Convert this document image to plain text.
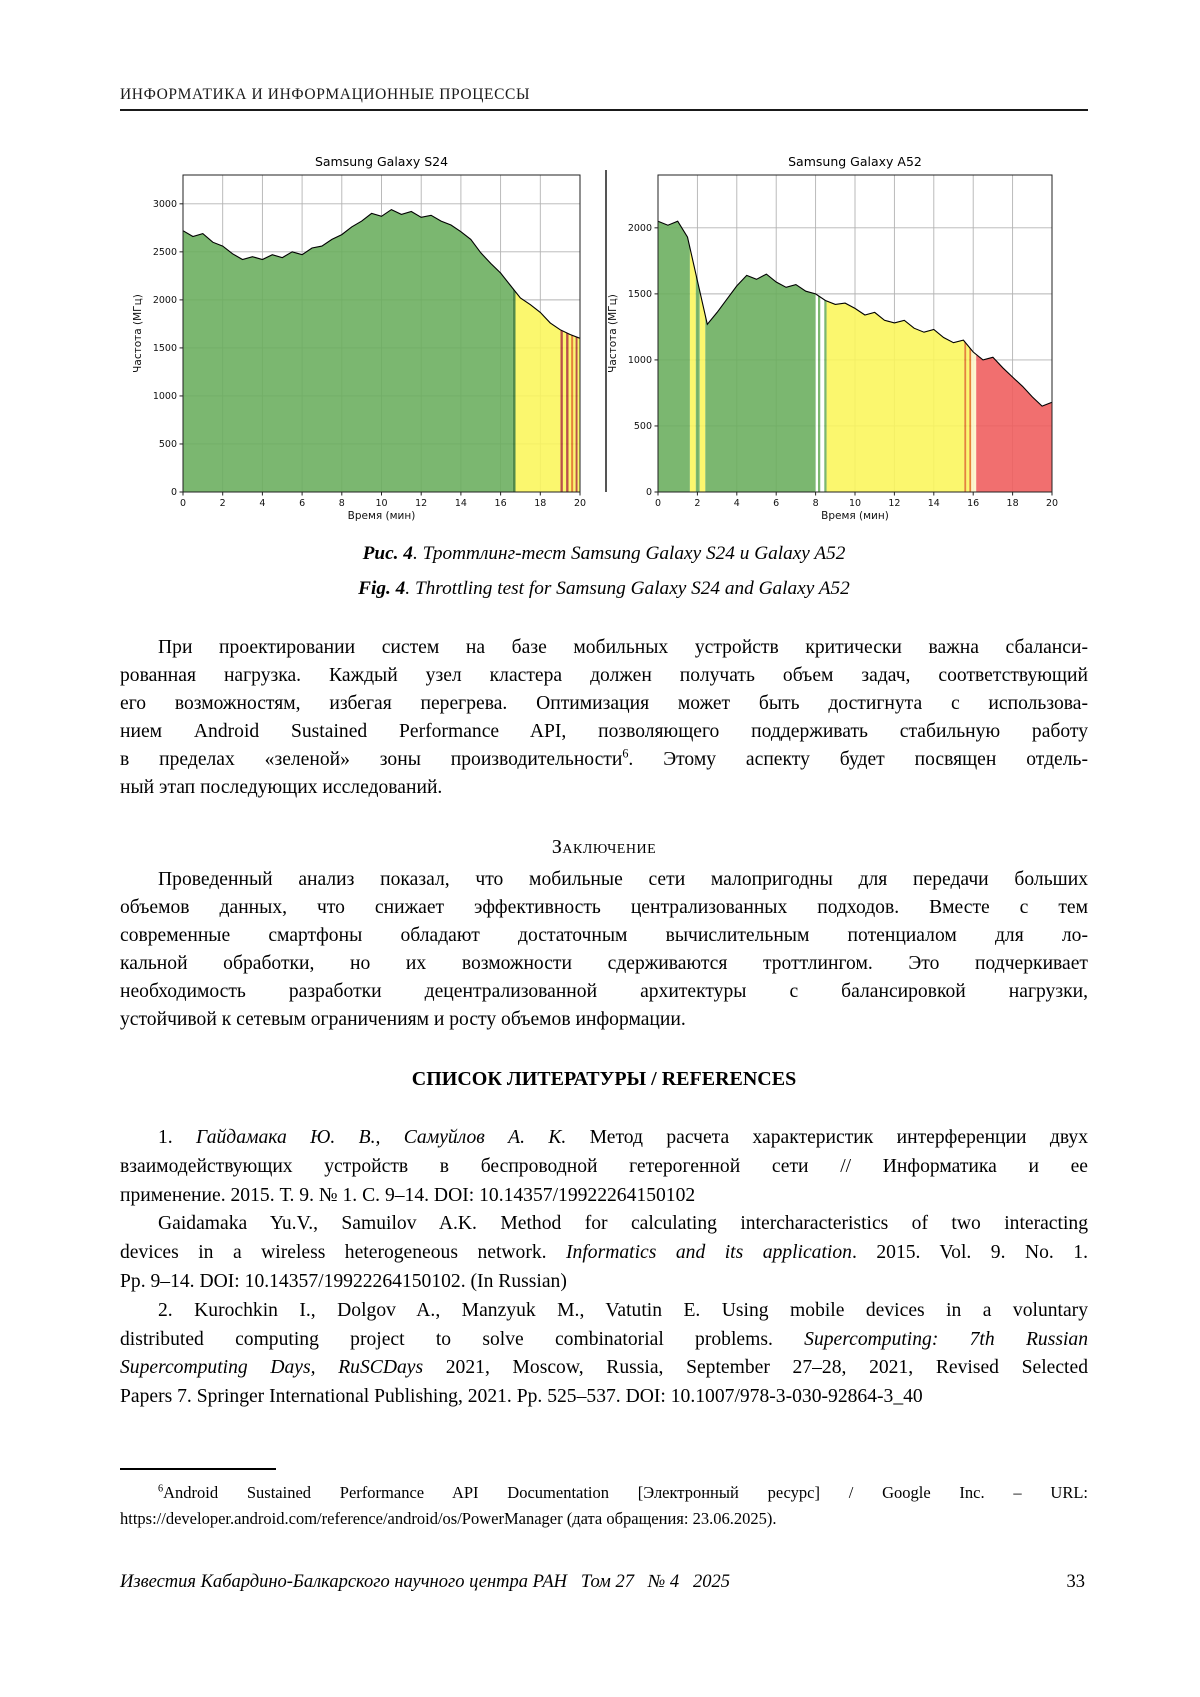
ИНФОРМАТИКА И ИНФОРМАЦИОННЫЕ ПРОЦЕССЫ
0	2	4	6	8	10	12	14	16	18	20
0
500
1000
1500
2000
2500
3000
Samsung Galaxy S24
Время (мин)
Частота (МГц)
0	2	4	6	8	10	12	14	16	18	20
0
500
1000
1500
2000
Samsung Galaxy A52
Время (мин)
Частота (МГц)
Рис. 4. Троттлинг-тест Samsung Galaxy S24 и Galaxy A52
Fig. 4. Throttling test for Samsung Galaxy S24 and Galaxy A52
При проектировании систем на базе мобильных устройств критически важна сбаланси-
рованная нагрузка. Каждый узел кластера должен получать объем задач, соответствующий
его возможностям, избегая перегрева. Оптимизация может быть достигнута с использова-
нием Android Sustained Performance API, позволяющего поддерживать стабильную работу
в пределах «зеленой» зоны производительности$^6$. Этому аспекту будет посвящен отдель-
ный этап последующих исследований.
Заключение
Проведенный анализ показал, что мобильные сети малопригодны для передачи больших
объемов данных, что снижает эффективность централизованных подходов. Вместе с тем
современные смартфоны обладают достаточным вычислительным потенциалом для ло-
кальной обработки, но их возможности сдерживаются троттлингом. Это подчеркивает
необходимость разработки децентрализованной архитектуры с балансировкой нагрузки,
устойчивой к сетевым ограничениям и росту объемов информации.
СПИСОК ЛИТЕРАТУРЫ / REFERENCES
1. Гайдамака Ю. В., Самуйлов А. К. Метод расчета характеристик интерференции двух
взаимодействующих устройств в беспроводной гетерогенной сети // Информатика и ее
применение. 2015. Т. 9. № 1. С. 9–14. DOI: 10.14357/19922264150102
Gaidamaka Yu.V., Samuilov A.K. Method for calculating intercharacteristics of two interacting
devices in a wireless heterogeneous network. Informatics and its application. 2015. Vol. 9. No. 1.
Pp. 9–14. DOI: 10.14357/19922264150102. (In Russian)
2. Kurochkin I., Dolgov A., Manzyuk M., Vatutin E. Using mobile devices in a voluntary
distributed computing project to solve combinatorial problems. Supercomputing: 7th Russian
Supercomputing Days, RuSCDays 2021, Moscow, Russia, September 27–28, 2021, Revised Selected
Papers 7. Springer International Publishing, 2021. Pp. 525–537. DOI: 10.1007/978-3-030-92864-3_40
$^6$Android Sustained Performance API Documentation [Электронный ресурс] / Google Inc. – URL:
https://developer.android.com/reference/android/os/PowerManager (дата обращения: 23.06.2025).
Известия Кабардино-Балкарского научного центра РАН   Том 27   № 4   2025	33
